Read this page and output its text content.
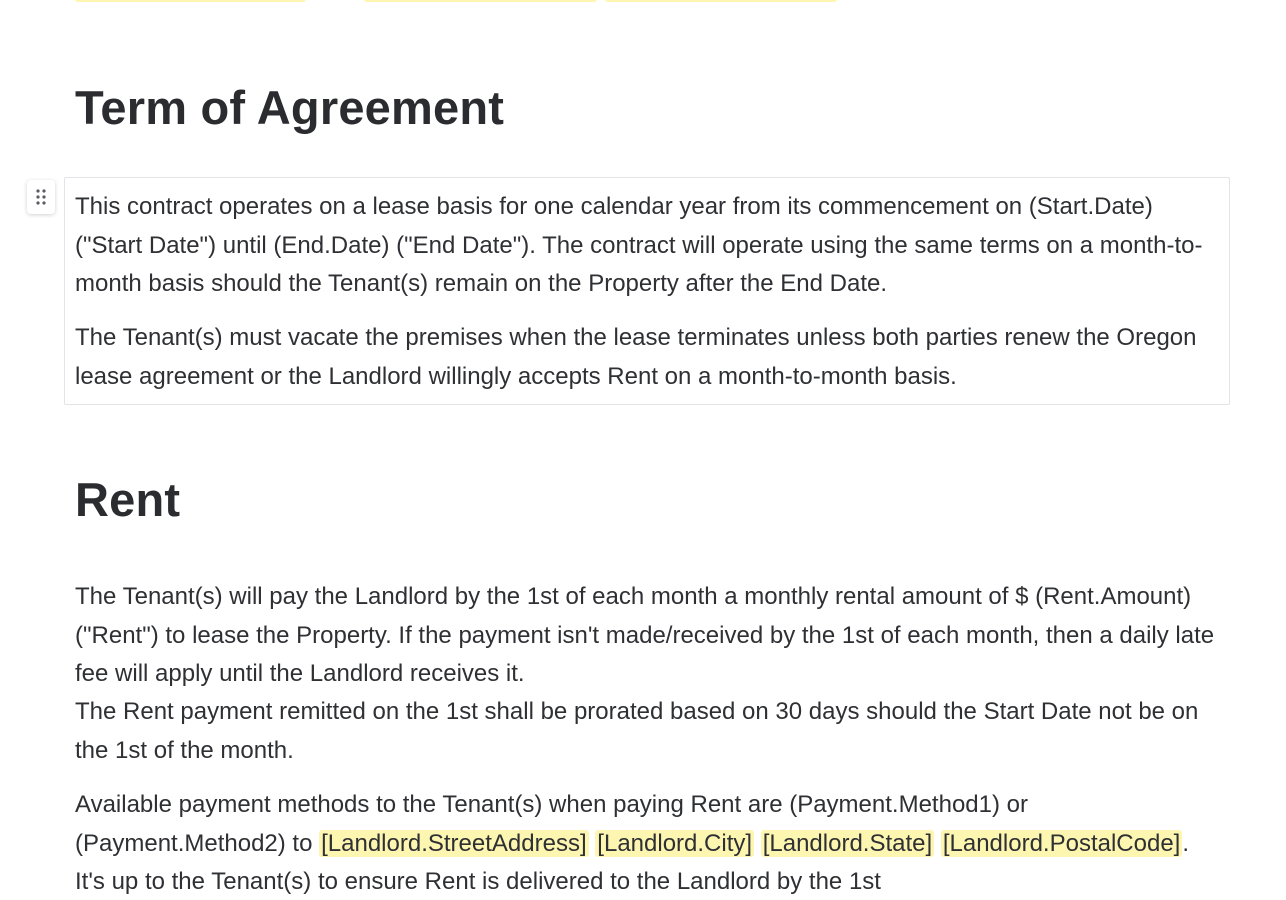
Term of Agreement

This contract operates on a lease basis for one calendar year from its commencement on (Start.Date) ("Start Date") until (End.Date) ("End Date"). The contract will operate using the same terms on a month-to-month basis should the Tenant(s) remain on the Property after the End Date.

The Tenant(s) must vacate the premises when the lease terminates unless both parties renew the Oregon lease agreement or the Landlord willingly accepts Rent on a month-to-month basis.

Rent

The Tenant(s) will pay the Landlord by the 1st of each month a monthly rental amount of $ (Rent.Amount) ("Rent") to lease the Property. If the payment isn't made/received by the 1st of each month, then a daily late fee will apply until the Landlord receives it.

The Rent payment remitted on the 1st shall be prorated based on 30 days should the Start Date not be on the 1st of the month.

Available payment methods to the Tenant(s) when paying Rent are (Payment.Method1) or (Payment.Method2) to [Landlord.StreetAddress] [Landlord.City] [Landlord.State] [Landlord.PostalCode]. It's up to the Tenant(s) to ensure Rent is delivered to the Landlord by the 1st
